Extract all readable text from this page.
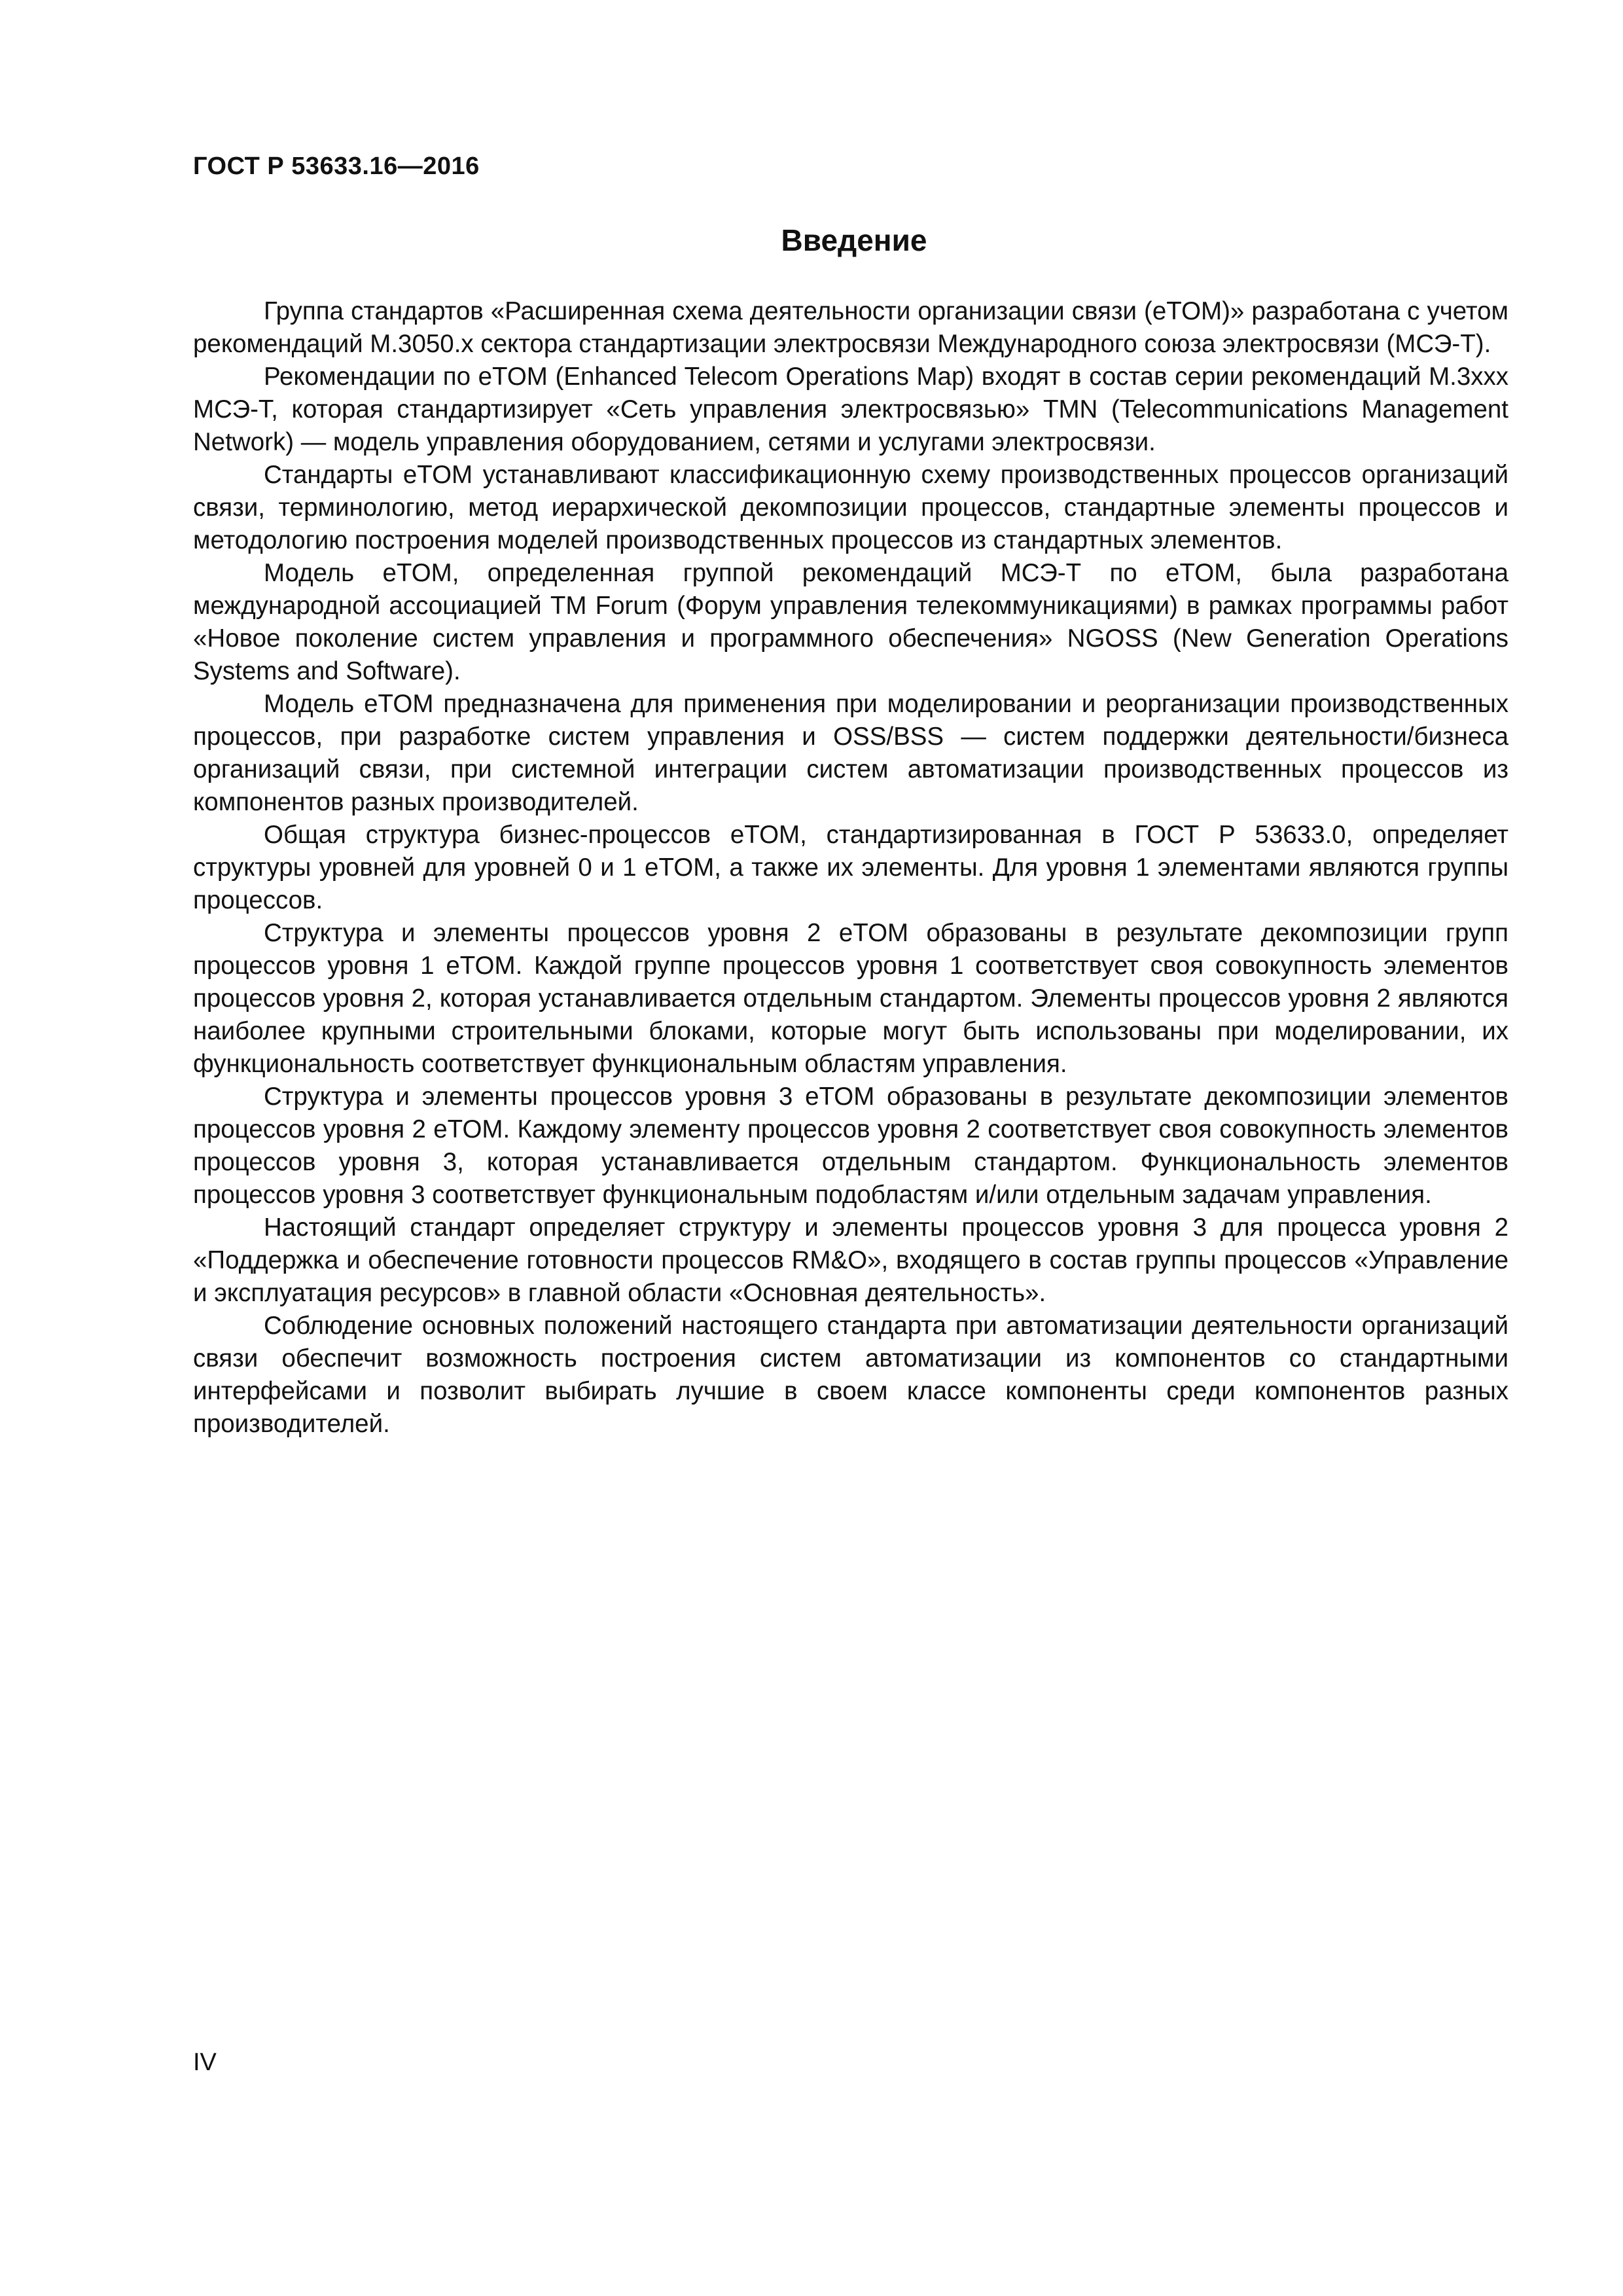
ГОСТ Р 53633.16—2016
Введение

Группа стандартов «Расширенная схема деятельности организации связи (eTOM)» разработана с учетом рекомендаций М.3050.х сектора стандартизации электросвязи Международного союза электросвязи (МСЭ-Т).

Рекомендации по eTOM (Enhanced Telecom Operations Map) входят в состав серии рекомендаций М.3xxx МСЭ-Т, которая стандартизирует «Сеть управления электросвязью» TMN (Telecommunications Management Network) — модель управления оборудованием, сетями и услугами электросвязи.

Стандарты eTOM устанавливают классификационную схему производственных процессов организаций связи, терминологию, метод иерархической декомпозиции процессов, стандартные элементы процессов и методологию построения моделей производственных процессов из стандартных элементов.

Модель eTOM, определенная группой рекомендаций МСЭ-Т по eTOM, была разработана международной ассоциацией TM Forum (Форум управления телекоммуникациями) в рамках программы работ «Новое поколение систем управления и программного обеспечения» NGOSS (New Generation Operations Systems and Software).

Модель eTOM предназначена для применения при моделировании и реорганизации производственных процессов, при разработке систем управления и OSS/BSS — систем поддержки деятельности/бизнеса организаций связи, при системной интеграции систем автоматизации производственных процессов из компонентов разных производителей.

Общая структура бизнес-процессов eTOM, стандартизированная в ГОСТ Р 53633.0, определяет структуры уровней для уровней 0 и 1 eTOM, а также их элементы. Для уровня 1 элементами являются группы процессов.

Структура и элементы процессов уровня 2 eTOM образованы в результате декомпозиции групп процессов уровня 1 eTOM. Каждой группе процессов уровня 1 соответствует своя совокупность элементов процессов уровня 2, которая устанавливается отдельным стандартом. Элементы процессов уровня 2 являются наиболее крупными строительными блоками, которые могут быть использованы при моделировании, их функциональность соответствует функциональным областям управления.

Структура и элементы процессов уровня 3 eTOM образованы в результате декомпозиции элементов процессов уровня 2 eTOM. Каждому элементу процессов уровня 2 соответствует своя совокупность элементов процессов уровня 3, которая устанавливается отдельным стандартом. Функциональность элементов процессов уровня 3 соответствует функциональным подобластям и/или отдельным задачам управления.

Настоящий стандарт определяет структуру и элементы процессов уровня 3 для процесса уровня 2 «Поддержка и обеспечение готовности процессов RM&O», входящего в состав группы процессов «Управление и эксплуатация ресурсов» в главной области «Основная деятельность».

Соблюдение основных положений настоящего стандарта при автоматизации деятельности организаций связи обеспечит возможность построения систем автоматизации из компонентов со стандартными интерфейсами и позволит выбирать лучшие в своем классе компоненты среди компонентов разных производителей.

IV
